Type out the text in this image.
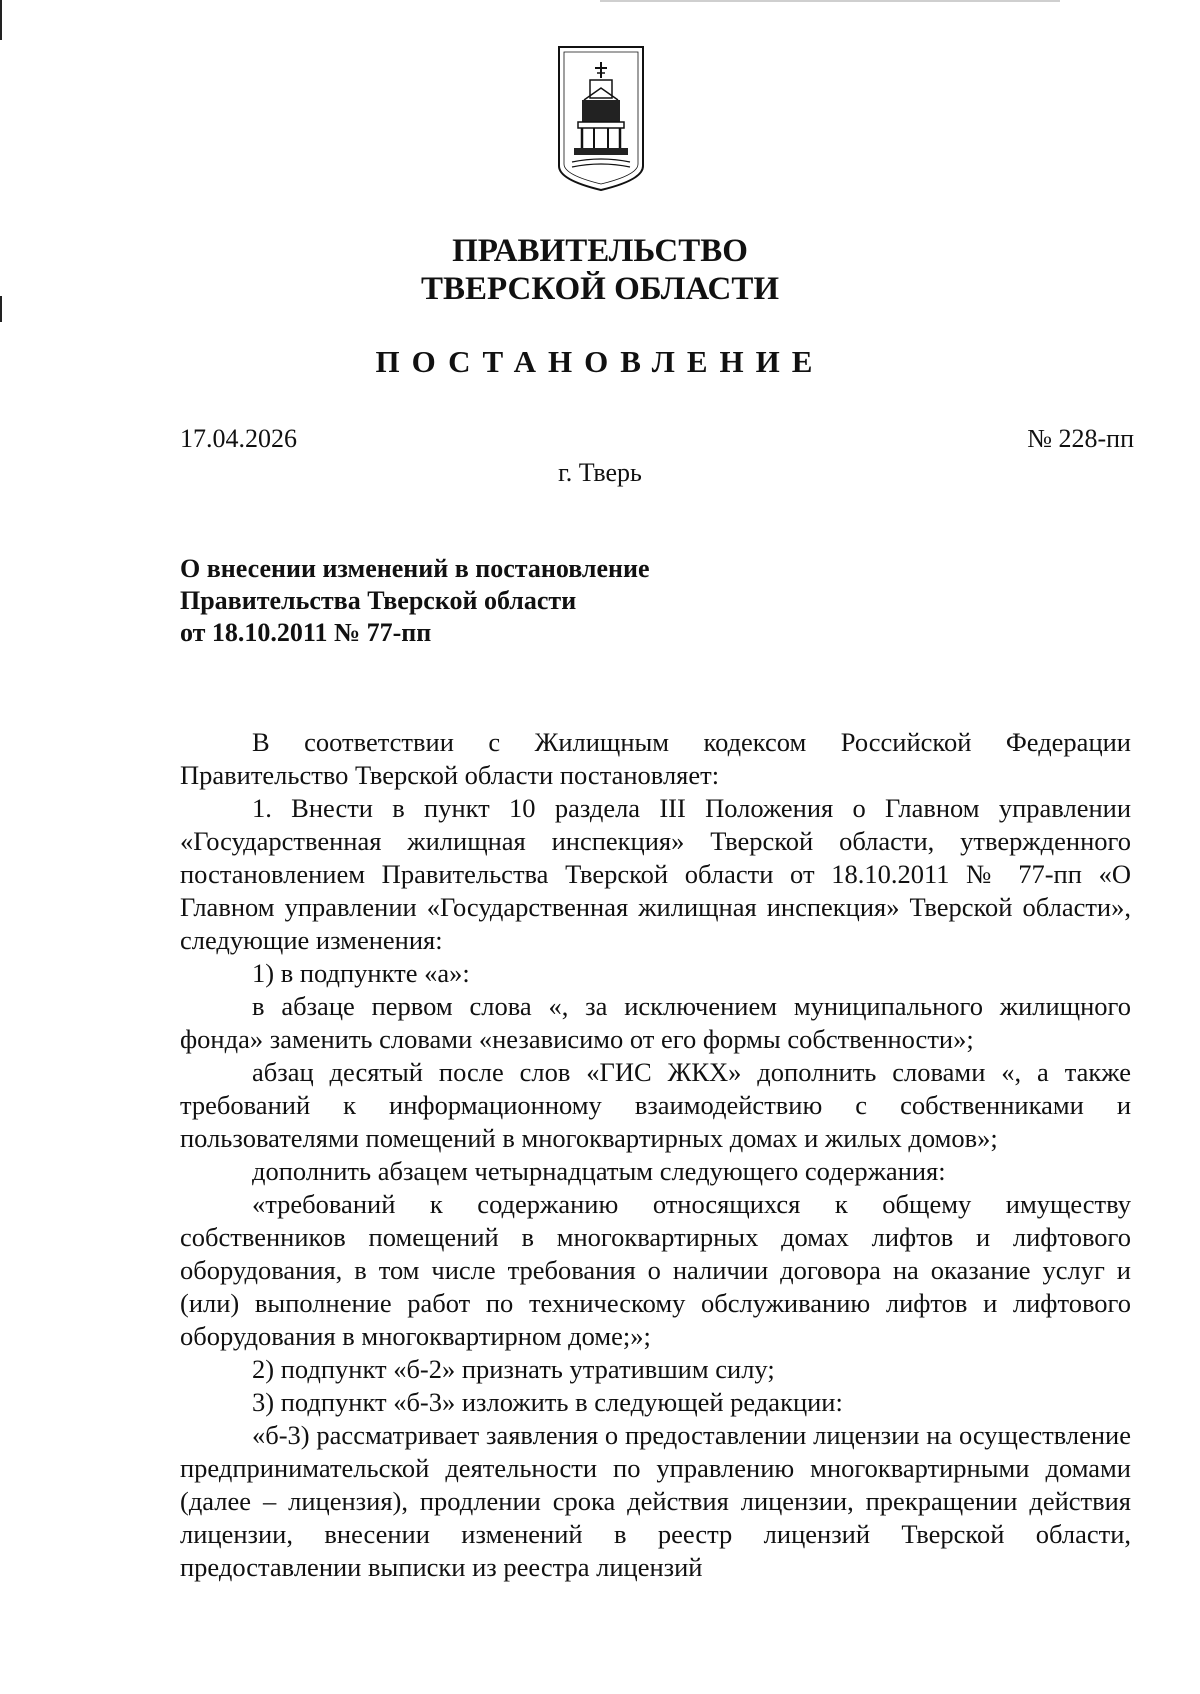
ПРАВИТЕЛЬСТВО
ТВЕРСКОЙ ОБЛАСТИ
ПОСТАНОВЛЕНИЕ
17.04.2026	№ 228-пп
г. Тверь
О внесении изменений в постановление
Правительства Тверской области
от 18.10.2011 № 77-пп

В соответствии с Жилищным кодексом Российской Федерации Правительство Тверской области постановляет:

1. Внести в пункт 10 раздела III Положения о Главном управлении «Государственная жилищная инспекция» Тверской области, утвержденного постановлением Правительства Тверской области от 18.10.2011 № 77-пп «О Главном управлении «Государственная жилищная инспекция» Тверской области», следующие изменения:

1) в подпункте «а»:

в абзаце первом слова «, за исключением муниципального жилищного фонда» заменить словами «независимо от его формы собственности»;

абзац десятый после слов «ГИС ЖКХ» дополнить словами «, а также требований к информационному взаимодействию с собственниками и пользователями помещений в многоквартирных домах и жилых домов»;

дополнить абзацем четырнадцатым следующего содержания:

«требований к содержанию относящихся к общему имуществу собственников помещений в многоквартирных домах лифтов и лифтового оборудования, в том числе требования о наличии договора на оказание услуг и (или) выполнение работ по техническому обслуживанию лифтов и лифтового оборудования в многоквартирном доме;»;

2) подпункт «б-2» признать утратившим силу;

3) подпункт «б-3» изложить в следующей редакции:

«б-3) рассматривает заявления о предоставлении лицензии на осуществление предпринимательской деятельности по управлению многоквартирными домами (далее – лицензия), продлении срока действия лицензии, прекращении действия лицензии, внесении изменений в реестр лицензий Тверской области, предоставлении выписки из реестра лицензий
